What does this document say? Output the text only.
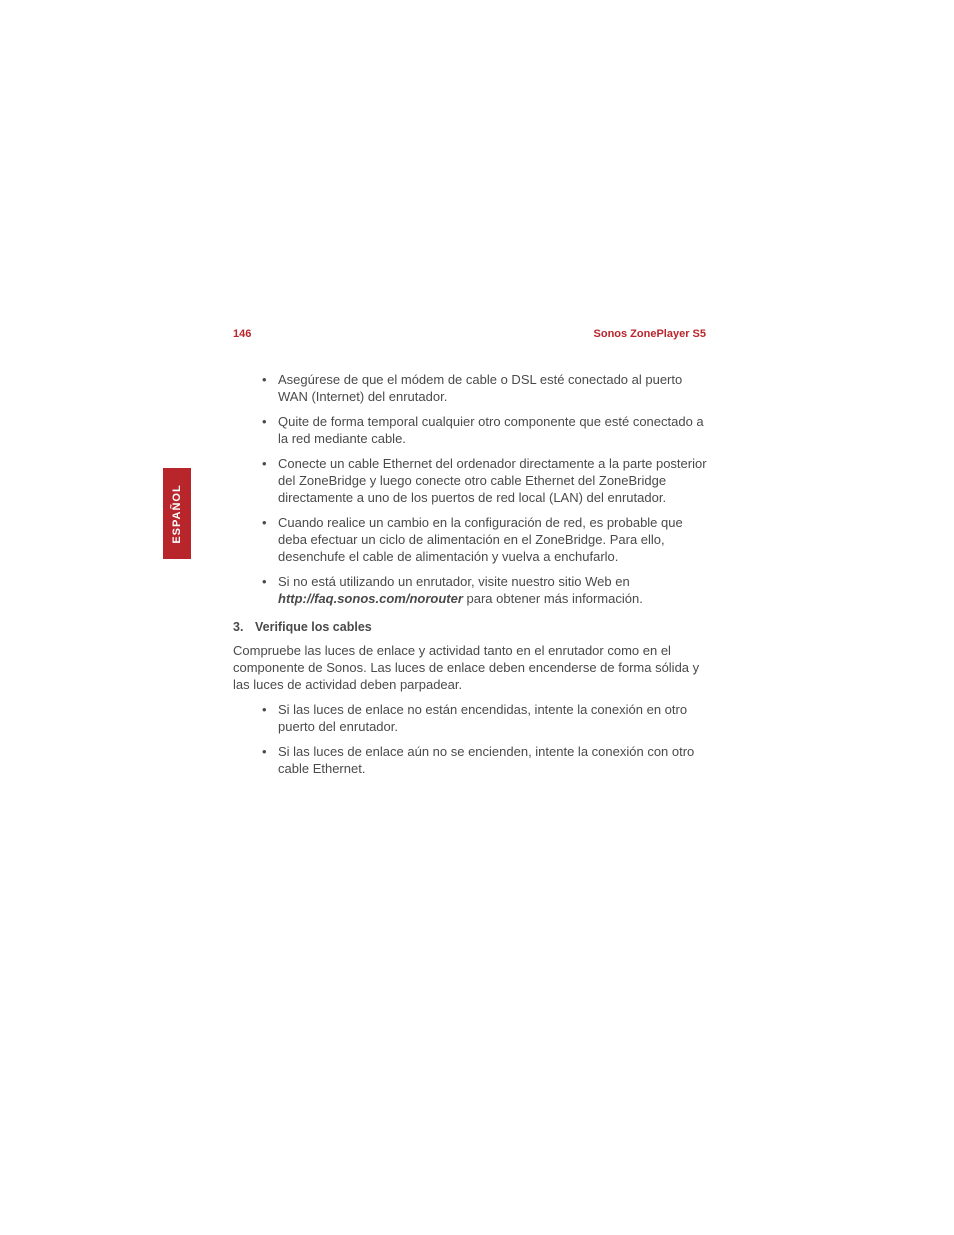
146	Sonos ZonePlayer S5
ESPAÑOL
• Asegúrese de que el módem de cable o DSL esté conectado al puerto WAN (Internet) del enrutador.
• Quite de forma temporal cualquier otro componente que esté conectado a la red mediante cable.
• Conecte un cable Ethernet del ordenador directamente a la parte posterior del ZoneBridge y luego conecte otro cable Ethernet del ZoneBridge directamente a uno de los puertos de red local (LAN) del enrutador.
• Cuando realice un cambio en la configuración de red, es probable que deba efectuar un ciclo de alimentación en el ZoneBridge. Para ello, desenchufe el cable de alimentación y vuelva a enchufarlo.
• Si no está utilizando un enrutador, visite nuestro sitio Web en
http://faq.sonos.com/norouter para obtener más información.
3. Verifique los cables

Compruebe las luces de enlace y actividad tanto en el enrutador como en el componente de Sonos. Las luces de enlace deben encenderse de forma sólida y las luces de actividad deben parpadear.

• Si las luces de enlace no están encendidas, intente la conexión en otro puerto del enrutador.
• Si las luces de enlace aún no se encienden, intente la conexión con otro cable Ethernet.
